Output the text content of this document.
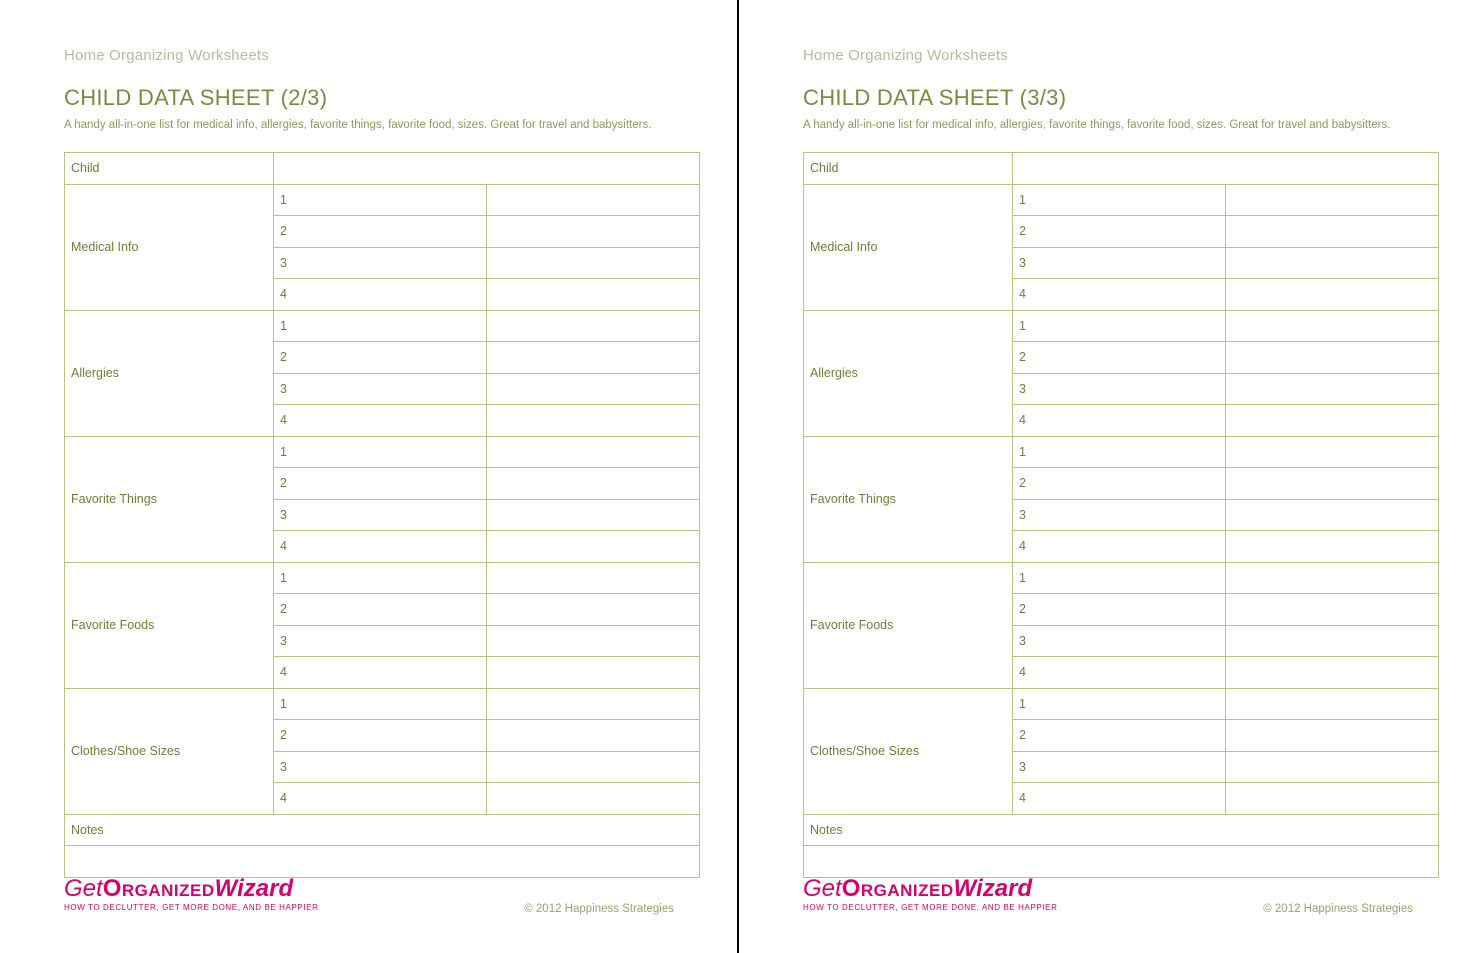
Home Organizing Worksheets
CHILD DATA SHEET (2/3)
A handy all-in-one list for medical info, allergies, favorite things, favorite food, sizes. Great for travel and babysitters.
Child		
Medical Info	1	
	2	
	3	
	4	
Allergies	1	
	2	
	3	
	4	
Favorite Things	1	
	2	
	3	
	4	
Favorite Foods	1	
	2	
	3	
	4	
Clothes/Shoe Sizes	1	
	2	
	3	
	4	
Notes		

GetOrganizedWizard
HOW TO DECLUTTER, GET MORE DONE, AND BE HAPPIER	© 2012 Happiness Strategies
Home Organizing Worksheets
CHILD DATA SHEET (3/3)
A handy all-in-one list for medical info, allergies, favorite things, favorite food, sizes. Great for travel and babysitters.
Child		
Medical Info	1	
	2	
	3	
	4	
Allergies	1	
	2	
	3	
	4	
Favorite Things	1	
	2	
	3	
	4	
Favorite Foods	1	
	2	
	3	
	4	
Clothes/Shoe Sizes	1	
	2	
	3	
	4	
Notes		

GetOrganizedWizard
HOW TO DECLUTTER, GET MORE DONE, AND BE HAPPIER	© 2012 Happiness Strategies
